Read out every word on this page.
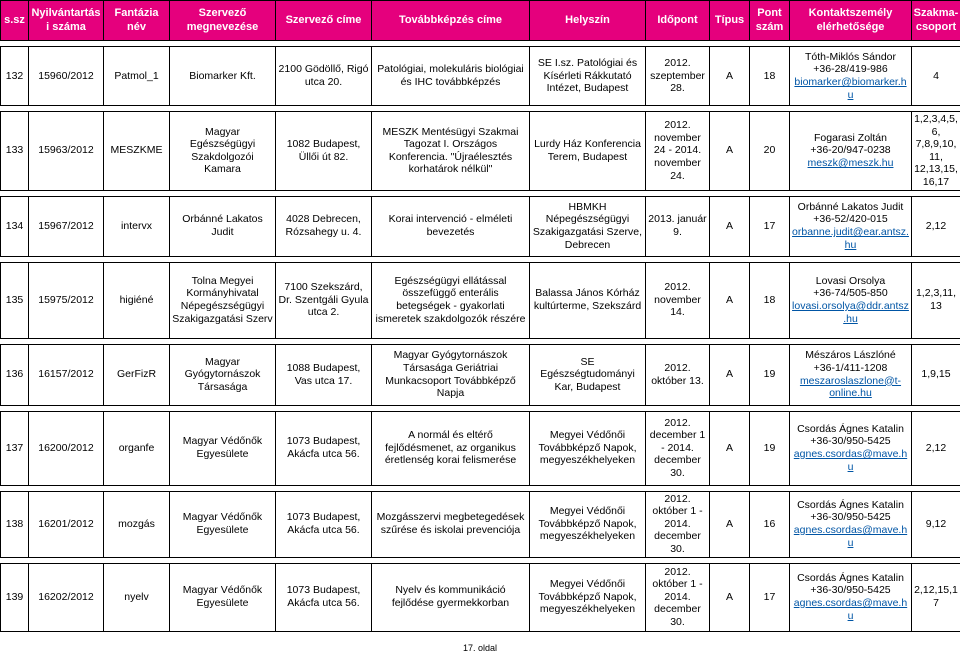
s.sz	Nyilvántartási száma	Fantázia név	Szervező megnevezése	Szervező címe	Továbbképzés címe	Helyszín	Időpont	Típus	Pont szám	Kontaktszemély elérhetősége	Szakma-csoport

132	15960/2012	Patmol_1	Biomarker Kft.	2100 Gödöllő, Rigó utca 20.	Patológiai, molekuláris biológiai és IHC továbbképzés	SE I.sz. Patológiai és Kísérleti Rákkutató Intézet, Budapest	2012. szeptember 28.	A	18	Tóth-Miklós Sándor
+36-28/419-986
biomarker@biomarker.hu	4

133	15963/2012	MESZKME	Magyar Egészségügyi Szakdolgozói Kamara	1082 Budapest, Üllői út 82.	MESZK Mentésügyi Szakmai Tagozat I. Országos Konferencia. "Újraélesztés korhatárok nélkül"	Lurdy Ház Konferencia Terem, Budapest	2012. november 24 - 2014. november 24.	A	20	Fogarasi Zoltán
+36-20/947-0238
meszk@meszk.hu	1,2,3,4,5,6, 7,8,9,10,11, 12,13,15, 16,17

134	15967/2012	intervx	Orbánné Lakatos Judit	4028 Debrecen, Rózsahegy u. 4.	Korai intervenció - elméleti bevezetés	HBMKH Népegészségügyi Szakigazgatási Szerve, Debrecen	2013. január 9.	A	17	Orbánné Lakatos Judit
+36-52/420-015
orbanne.judit@ear.antsz.hu	2,12

135	15975/2012	higiéné	Tolna Megyei Kormányhivatal Népegészségügyi Szakigazgatási Szerv	7100 Szekszárd, Dr. Szentgáli Gyula utca 2.	Egészségügyi ellátással összefüggő enterális betegségek - gyakorlati ismeretek szakdolgozók részére	Balassa János Kórház kultúrterme, Szekszárd	2012. november 14.	A	18	Lovasi Orsolya
+36-74/505-850
lovasi.orsolya@ddr.antsz.hu	1,2,3,11,13

136	16157/2012	GerFizR	Magyar Gyógytornászok Társasága	1088 Budapest, Vas utca 17.	Magyar Gyógytornászok Társasága Geriátriai Munkacsoport Továbbképző Napja	SE Egészségtudományi Kar, Budapest	2012. október 13.	A	19	Mészáros Lászlóné
+36-1/411-1208
meszaroslaszlone@t-online.hu	1,9,15

137	16200/2012	organfe	Magyar Védőnők Egyesülete	1073 Budapest, Akácfa utca 56.	A normál és eltérő fejlődésmenet, az organikus éretlenség korai felismerése	Megyei Védőnői Továbbképző Napok, megyeszékhelyeken	2012. december 1 - 2014. december 30.	A	19	Csordás Ágnes Katalin
+36-30/950-5425
agnes.csordas@mave.hu	2,12

138	16201/2012	mozgás	Magyar Védőnők Egyesülete	1073 Budapest, Akácfa utca 56.	Mozgásszervi megbetegedések szűrése és iskolai prevenciója	Megyei Védőnői Továbbképző Napok, megyeszékhelyeken	2012. október 1 - 2014. december 30.	A	16	Csordás Ágnes Katalin
+36-30/950-5425
agnes.csordas@mave.hu	9,12

139	16202/2012	nyelv	Magyar Védőnők Egyesülete	1073 Budapest, Akácfa utca 56.	Nyelv és kommunikáció fejlődése gyermekkorban	Megyei Védőnői Továbbképző Napok, megyeszékhelyeken	2012. október 1 - 2014. december 30.	A	17	Csordás Ágnes Katalin
+36-30/950-5425
agnes.csordas@mave.hu	2,12,15,17
17. oldal
